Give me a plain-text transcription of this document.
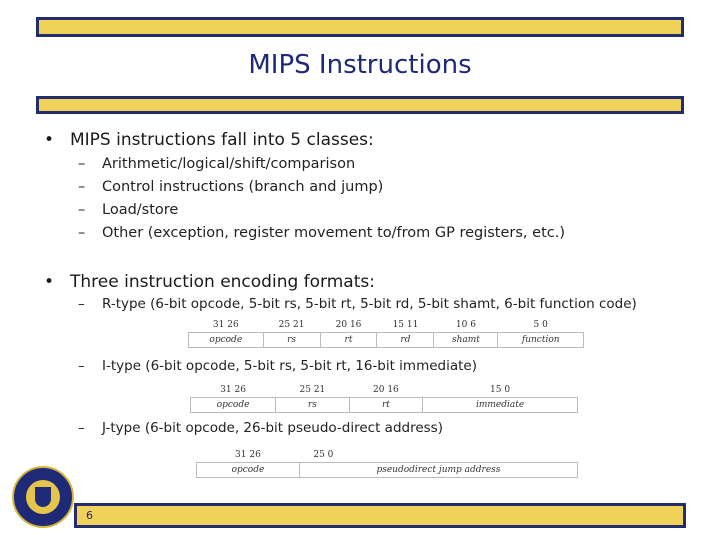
MIPS Instructions
• MIPS instructions fall into 5 classes:
– Arithmetic/logical/shift/comparison
– Control instructions (branch and jump)
– Load/store
– Other (exception, register movement to/from GP registers, etc.)
• Three instruction encoding formats:
– R-type (6-bit opcode, 5-bit rs, 5-bit rt, 5-bit rd, 5-bit shamt, 6-bit function code)
31 26	25 21	20 16	15 11	10 6	5 0
opcode	rs	rt	rd	shamt	function
– I-type (6-bit opcode, 5-bit rs, 5-bit rt, 16-bit immediate)
31 26	25 21	20 16	15 0
opcode	rs	rt	immediate
– J-type (6-bit opcode, 26-bit pseudo-direct address)
31 26	25 0
opcode	pseudodirect jump address
6
